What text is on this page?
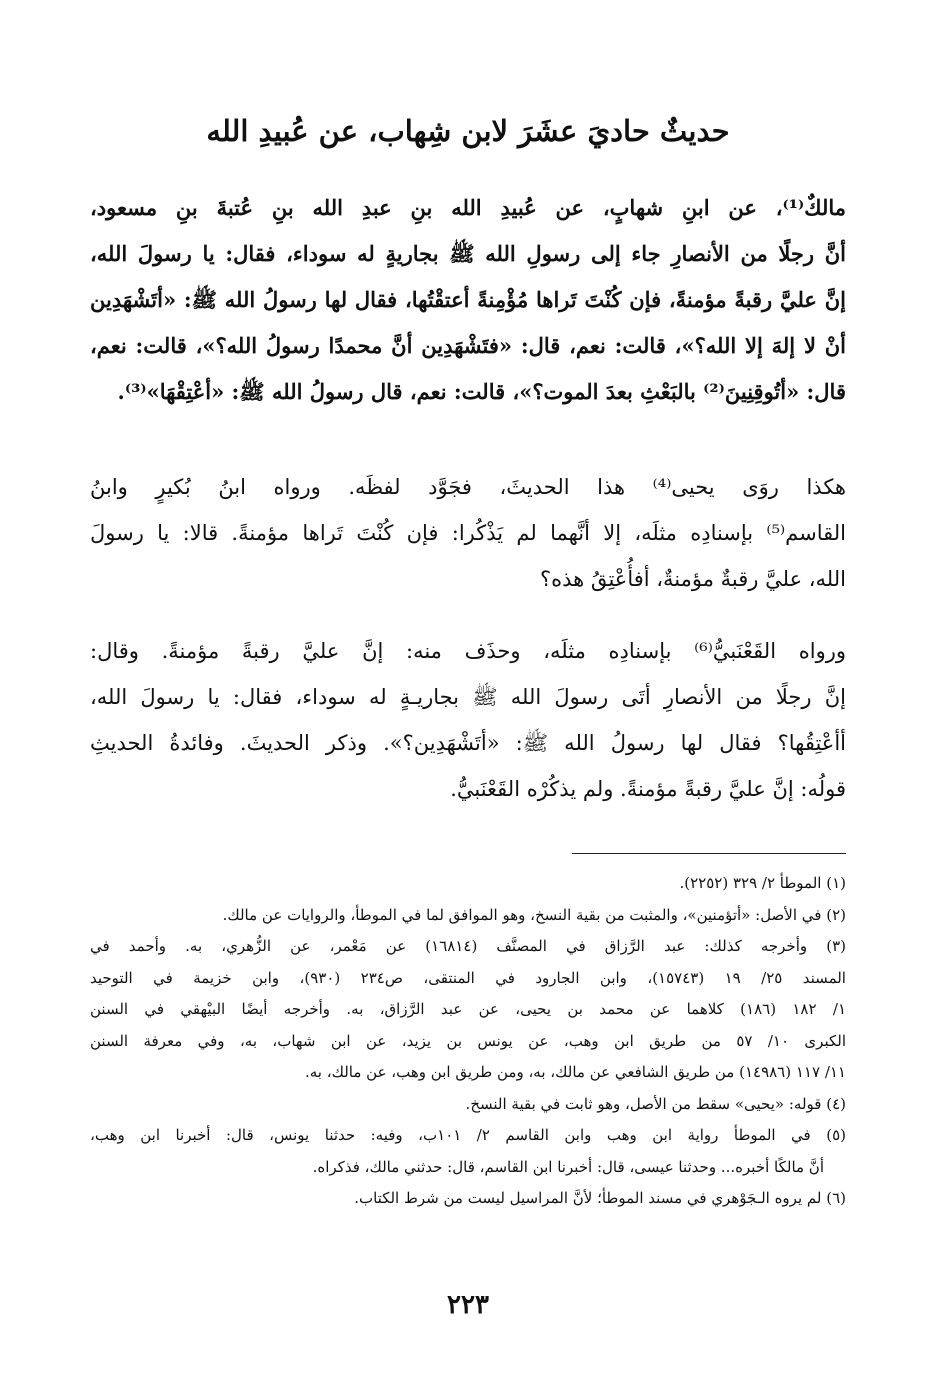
حديثٌ حاديَ عشَرَ لابن شِهاب، عن عُبيدِ الله
مالكٌ⁽¹⁾، عن ابنِ شهابٍ، عن عُبيدِ الله بنِ عبدِ الله بنِ عُتبةَ بنِ مسعود،
أنَّ رجلًا من الأنصارِ جاء إلى رسولِ الله ﷺ بجاريةٍ له سوداء، فقال: يا رسولَ الله،
إنَّ عليَّ رقبةً مؤمنةً، فإن كُنْتَ تَراها مُؤْمِنةً أعتقْتُها، فقال لها رسولُ الله ﷺ: «أتَشْهَدِين
أنْ لا إلهَ إلا الله؟»، قالت: نعم، قال: «فتَشْهَدِين أنَّ محمدًا رسولُ الله؟»، قالت: نعم،
قال: «أتُوقِنِينَ⁽²⁾ بالبَعْثِ بعدَ الموت؟»، قالت: نعم، قال رسولُ الله ﷺ: «أعْتِقْهَا»⁽³⁾.
هكذا روَى يحيى⁽⁴⁾ هذا الحديثَ، فجَوَّد لفظَه. ورواه ابنُ بُكيرٍ وابنُ
القاسم⁽⁵⁾ بإسنادِه مثلَه، إلا أنَّهما لم يَذْكُرا: فإن كُنْتَ تَراها مؤمنةً. قالا: يا رسولَ
الله، عليَّ رقبةٌ مؤمنةٌ، أفأُعْتِقُ هذه؟
ورواه القَعْنَبيُّ⁽⁶⁾ بإسنادِه مثلَه، وحذَف منه: إنَّ عليَّ رقبةً مؤمنةً. وقال:
إنَّ رجلًا من الأنصارِ أتَى رسولَ الله ﷺ بجاريـةٍ له سوداء، فقال: يا رسولَ الله،
أأعْتِقُها؟ فقال لها رسولُ الله ﷺ: «أتَشْهَدِين؟». وذكر الحديثَ. وفائدةُ الحديثِ
قولُه: إنَّ عليَّ رقبةً مؤمنةً. ولم يذكُرْه القَعْنَبيُّ.
(١) الموطأ ٢/ ٣٢٩ (٢٢٥٢).
(٢) في الأصل: «أتؤمنين»، والمثبت من بقية النسخ، وهو الموافق لما في الموطأ، والروايات عن مالك.
(٣) وأخرجه كذلك: عبد الرَّزاق في المصنَّف (١٦٨١٤) عن مَعْمر، عن الزُّهري، به. وأحمد في
المسند ٢٥/ ١٩ (١٥٧٤٣)، وابن الجارود في المنتقى، ص٢٣٤ (٩٣٠)، وابن خزيمة في التوحيد
١/ ١٨٢ (١٨٦) كلاهما عن محمد بن يحيى، عن عبد الرَّزاق، به. وأخرجه أيضًا البيْهقي في السنن
الكبرى ١٠/ ٥٧ من طريق ابن وهب، عن يونس بن يزيد، عن ابن شهاب، به، وفي معرفة السنن
١١/ ١١٧ (١٤٩٨٦) من طريق الشافعي عن مالك، به، ومن طريق ابن وهب، عن مالك، به.
(٤) قوله: «يحيى» سقط من الأصل، وهو ثابت في بقية النسخ.
(٥) في الموطأ رواية ابن وهب وابن القاسم ٢/ ١٠١ب، وفيه: حدثنا يونس، قال: أخبرنا ابن وهب،
أنَّ مالكًا أخبره... وحدثنا عيسى، قال: أخبرنا ابن القاسم، قال: حدثني مالك، فذكراه.
(٦) لم يروه الـجَوْهري في مسند الموطأ؛ لأنَّ المراسيل ليست من شرط الكتاب.
٢٢٣
